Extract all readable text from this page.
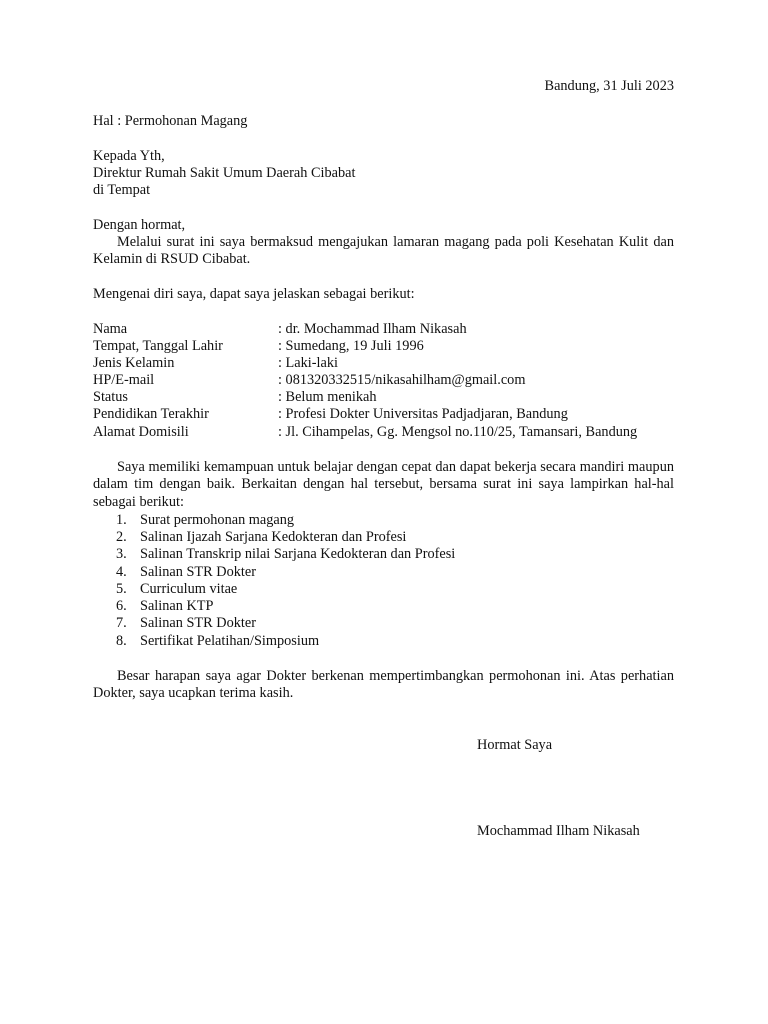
Bandung, 31 Juli 2023
Hal : Permohonan Magang
Kepada Yth,
Direktur Rumah Sakit Umum Daerah Cibabat
di Tempat
Dengan hormat,
Melalui surat ini saya bermaksud mengajukan lamaran magang pada poli Kesehatan Kulit dan Kelamin di RSUD Cibabat.
Mengenai diri saya, dapat saya jelaskan sebagai berikut:
Nama	: dr. Mochammad Ilham Nikasah
Tempat, Tanggal Lahir	: Sumedang, 19 Juli 1996
Jenis Kelamin	: Laki-laki
HP/E-mail	: 081320332515/nikasahilham@gmail.com
Status	: Belum menikah
Pendidikan Terakhir	: Profesi Dokter Universitas Padjadjaran, Bandung
Alamat Domisili	: Jl. Cihampelas, Gg. Mengsol no.110/25, Tamansari, Bandung
Saya memiliki kemampuan untuk belajar dengan cepat dan dapat bekerja secara mandiri maupun dalam tim dengan baik. Berkaitan dengan hal tersebut, bersama surat ini saya lampirkan hal-hal sebagai berikut:
1. Surat permohonan magang
2. Salinan Ijazah Sarjana Kedokteran dan Profesi
3. Salinan Transkrip nilai Sarjana Kedokteran dan Profesi
4. Salinan STR Dokter
5. Curriculum vitae
6. Salinan KTP
7. Salinan STR Dokter
8. Sertifikat Pelatihan/Simposium
Besar harapan saya agar Dokter berkenan mempertimbangkan permohonan ini. Atas perhatian Dokter, saya ucapkan terima kasih.
Hormat Saya
Mochammad Ilham Nikasah
